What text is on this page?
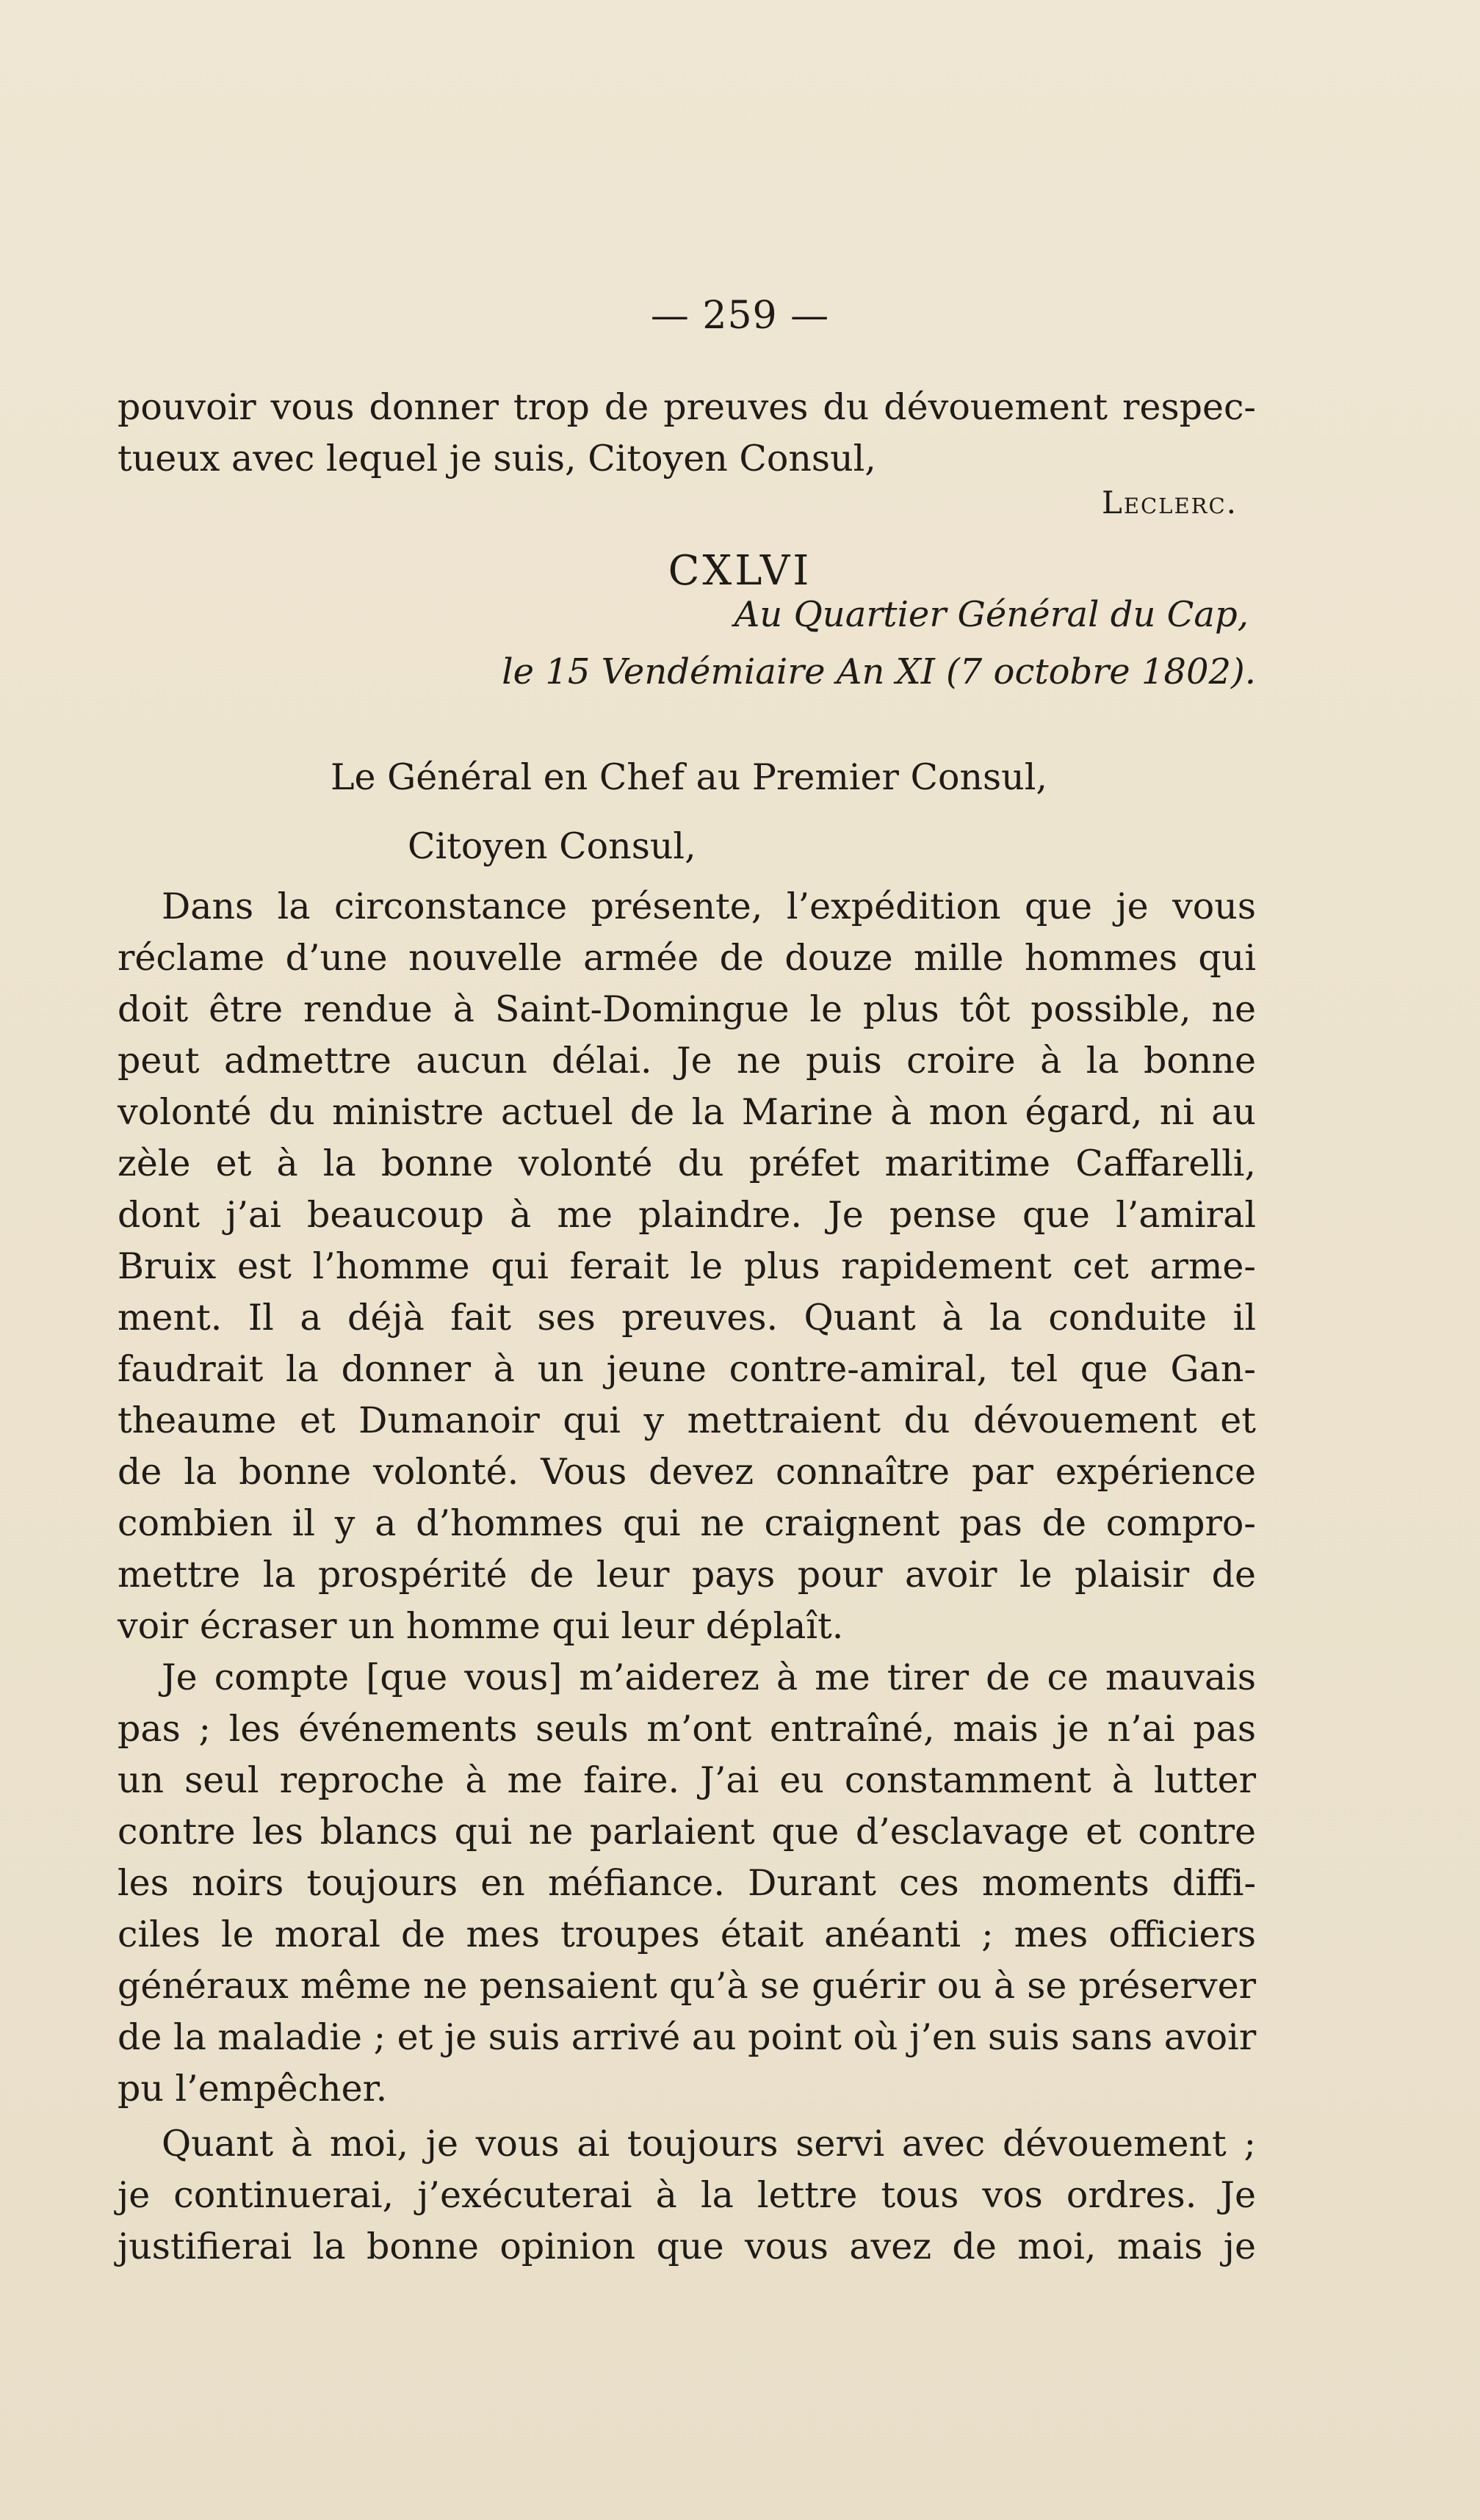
— 259 —
pouvoir vous donner trop de preuves du dévouement respec-
tueux avec lequel je suis, Citoyen Consul,
Leclerc.
CXLVI
Au Quartier Général du Cap,
le 15 Vendémiaire An XI (7 octobre 1802).
Le Général en Chef au Premier Consul,
Citoyen Consul,
Dans la circonstance présente, l’expédition que je vous
réclame d’une nouvelle armée de douze mille hommes qui
doit être rendue à Saint-Domingue le plus tôt possible, ne
peut admettre aucun délai. Je ne puis croire à la bonne
volonté du ministre actuel de la Marine à mon égard, ni au
zèle et à la bonne volonté du préfet maritime Caffarelli,
dont j’ai beaucoup à me plaindre. Je pense que l’amiral
Bruix est l’homme qui ferait le plus rapidement cet arme-
ment. Il a déjà fait ses preuves. Quant à la conduite il
faudrait la donner à un jeune contre-amiral, tel que Gan-
theaume et Dumanoir qui y mettraient du dévouement et
de la bonne volonté. Vous devez connaître par expérience
combien il y a d’hommes qui ne craignent pas de compro-
mettre la prospérité de leur pays pour avoir le plaisir de
voir écraser un homme qui leur déplaît.
Je compte [que vous] m’aiderez à me tirer de ce mauvais
pas ; les événements seuls m’ont entraîné, mais je n’ai pas
un seul reproche à me faire. J’ai eu constamment à lutter
contre les blancs qui ne parlaient que d’esclavage et contre
les noirs toujours en méfiance. Durant ces moments diffi-
ciles le moral de mes troupes était anéanti ; mes officiers
généraux même ne pensaient qu’à se guérir ou à se préserver
de la maladie ; et je suis arrivé au point où j’en suis sans avoir
pu l’empêcher.
Quant à moi, je vous ai toujours servi avec dévouement ;
je continuerai, j’exécuterai à la lettre tous vos ordres. Je
justifierai la bonne opinion que vous avez de moi, mais je
